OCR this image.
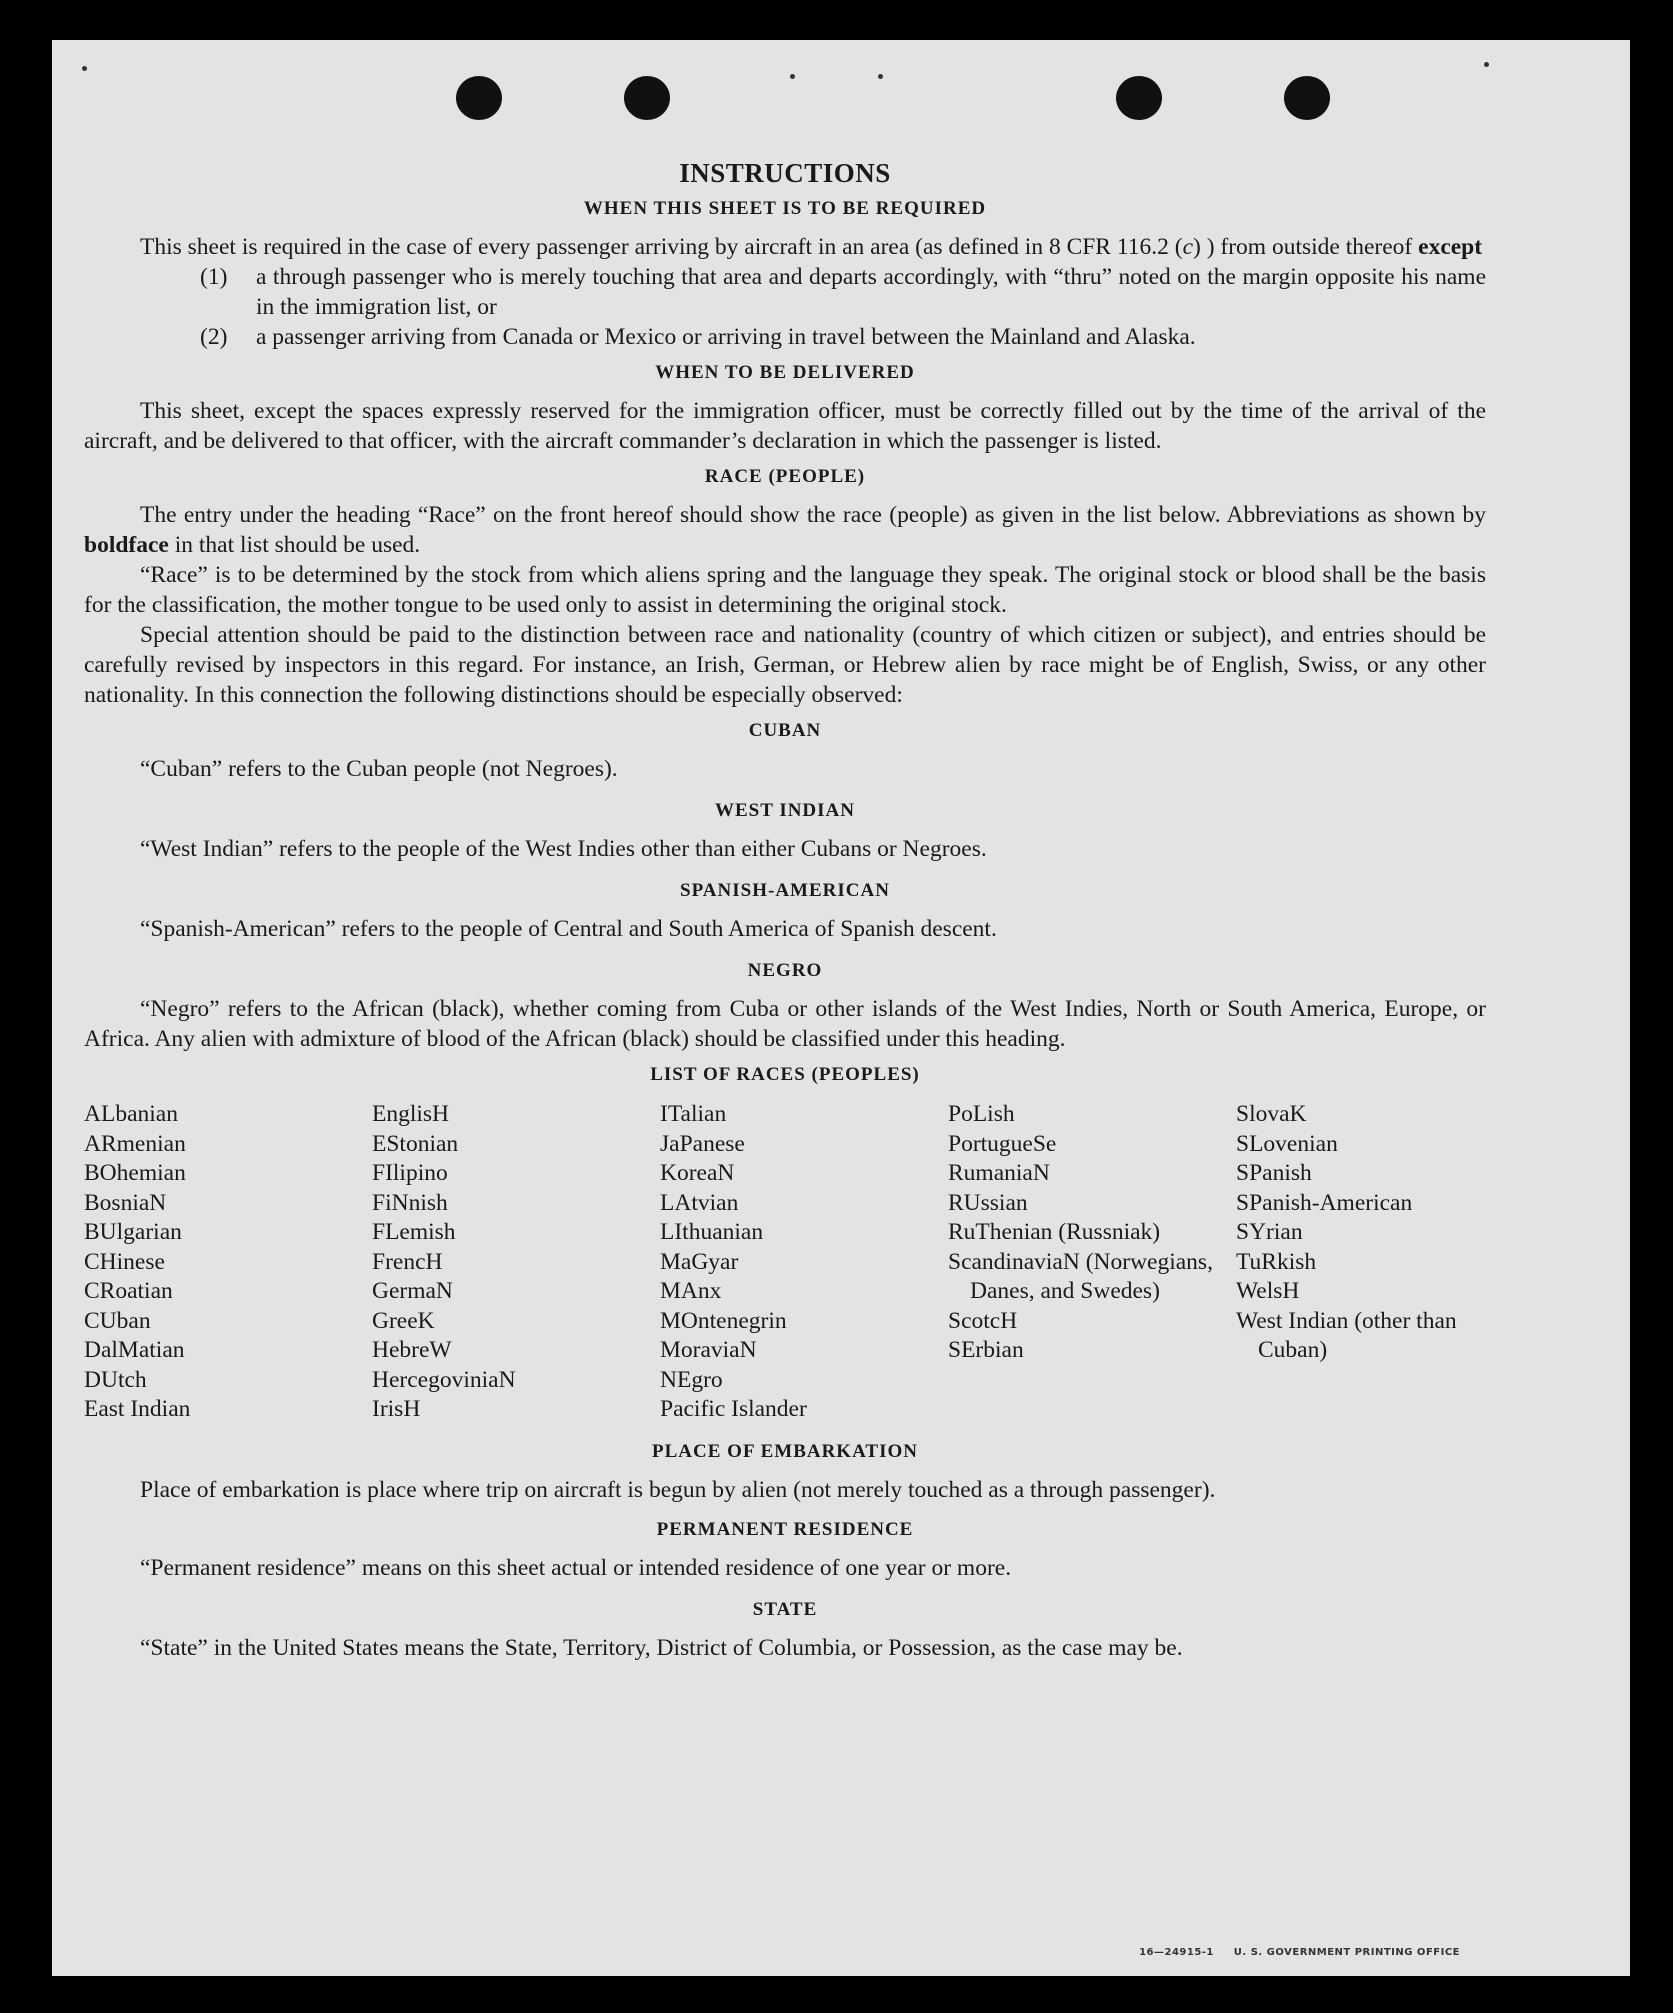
INSTRUCTIONS
WHEN THIS SHEET IS TO BE REQUIRED

This sheet is required in the case of every passenger arriving by aircraft in an area (as defined in 8 CFR 116.2 (c) ) from outside thereof except

(1)	a through passenger who is merely touching that area and departs accordingly, with “thru” noted on the margin opposite his name in the immigration list, or
(2)	a passenger arriving from Canada or Mexico or arriving in travel between the Mainland and Alaska.
WHEN TO BE DELIVERED

This sheet, except the spaces expressly reserved for the immigration officer, must be correctly filled out by the time of the arrival of the aircraft, and be delivered to that officer, with the aircraft commander’s declaration in which the passenger is listed.

RACE (PEOPLE)

The entry under the heading “Race” on the front hereof should show the race (people) as given in the list below. Abbreviations as shown by boldface in that list should be used.

“Race” is to be determined by the stock from which aliens spring and the language they speak. The original stock or blood shall be the basis for the classification, the mother tongue to be used only to assist in determining the original stock.

Special attention should be paid to the distinction between race and nationality (country of which citizen or subject), and entries should be carefully revised by inspectors in this regard. For instance, an Irish, German, or Hebrew alien by race might be of English, Swiss, or any other nationality. In this connection the following distinctions should be especially observed:

CUBAN

“Cuban” refers to the Cuban people (not Negroes).

WEST INDIAN

“West Indian” refers to the people of the West Indies other than either Cubans or Negroes.

SPANISH-AMERICAN

“Spanish-American” refers to the people of Central and South America of Spanish descent.

NEGRO

“Negro” refers to the African (black), whether coming from Cuba or other islands of the West Indies, North or South America, Europe, or Africa. Any alien with admixture of blood of the African (black) should be classified under this heading.

LIST OF RACES (PEOPLES)
ALbanian
ARmenian
BOhemian
BosniaN
BUlgarian
CHinese
CRoatian
CUban
DalMatian
DUtch
East Indian
EnglisH
EStonian
FIlipino
FiNnish
FLemish
FrencH
GermaN
GreeK
HebreW
HercegoviniaN
IrisH
ITalian
JaPanese
KoreaN
LAtvian
LIthuanian
MaGyar
MAnx
MOntenegrin
MoraviaN
NEgro
Pacific Islander
PoLish
PortugueSe
RumaniaN
RUssian
RuThenian (Russniak)
ScandinaviaN (Norwegians, Danes, and Swedes)
ScotcH
SErbian
SlovaK
SLovenian
SPanish
SPanish-American
SYrian
TuRkish
WelsH
West Indian (other than Cuban)
PLACE OF EMBARKATION

Place of embarkation is place where trip on aircraft is begun by alien (not merely touched as a through passenger).

PERMANENT RESIDENCE

“Permanent residence” means on this sheet actual or intended residence of one year or more.

STATE

“State” in the United States means the State, Territory, District of Columbia, or Possession, as the case may be.

16—24915-1     U. S. GOVERNMENT PRINTING OFFICE
